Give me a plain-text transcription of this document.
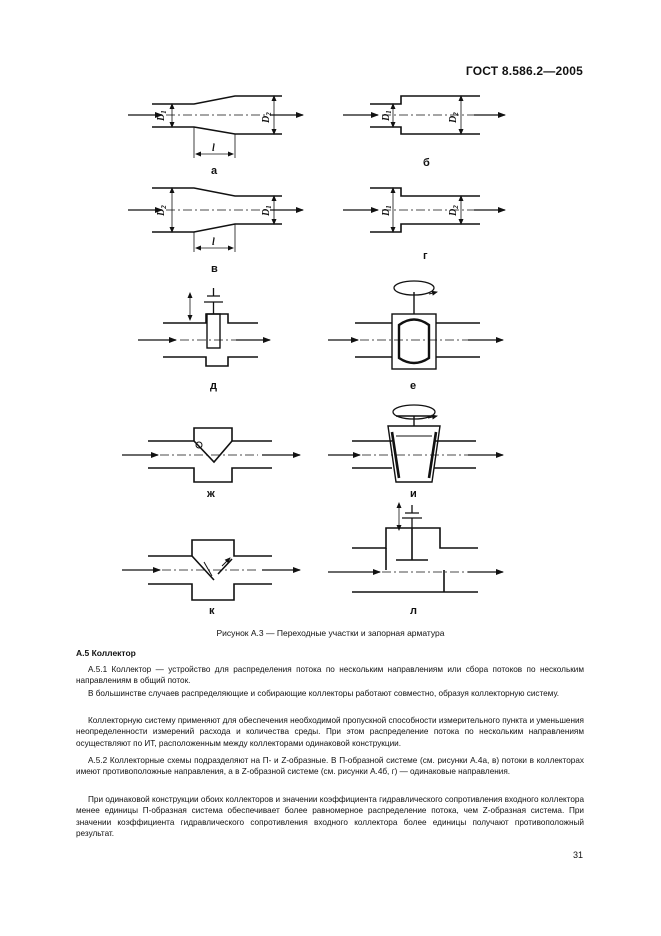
ГОСТ 8.586.2—2005
$D_1$
$D_2$
l
$D_1$
$D_2$
$D_2$
$D_1$
l
$D_1$
$D_2$
а
б
в
г
д	е
ж	и
к	л
Рисунок А.3 — Переходные участки и запорная арматура
А.5 Коллектор
А.5.1 Коллектор — устройство для распределения потока по нескольким направлениям или сбора потоков по нескольким направлениям в общий поток.
В большинстве случаев распределяющие и собирающие коллекторы работают совместно, образуя коллекторную систему.
Коллекторную систему применяют для обеспечения необходимой пропускной способности измерительного пункта и уменьшения неопределенности измерений расхода и количества среды. При этом распределение потока по нескольким направлениям осуществляют по ИТ, расположенным между коллекторами одинаковой конструкции.
А.5.2 Коллекторные схемы подразделяют на П- и Z-образные. В П-образной системе (см. рисунки А.4а, в) потоки в коллекторах имеют противоположные направления, а в Z-образной системе (см. рисунки А.4б, г) — одинаковые направления.
При одинаковой конструкции обоих коллекторов и значении коэффициента гидравлического сопротивления входного коллектора менее единицы П-образная система обеспечивает более равномерное распределение потока, чем Z-образная система. При значении коэффициента гидравлического сопротивления входного коллектора более единицы получают противоположный результат.
31
